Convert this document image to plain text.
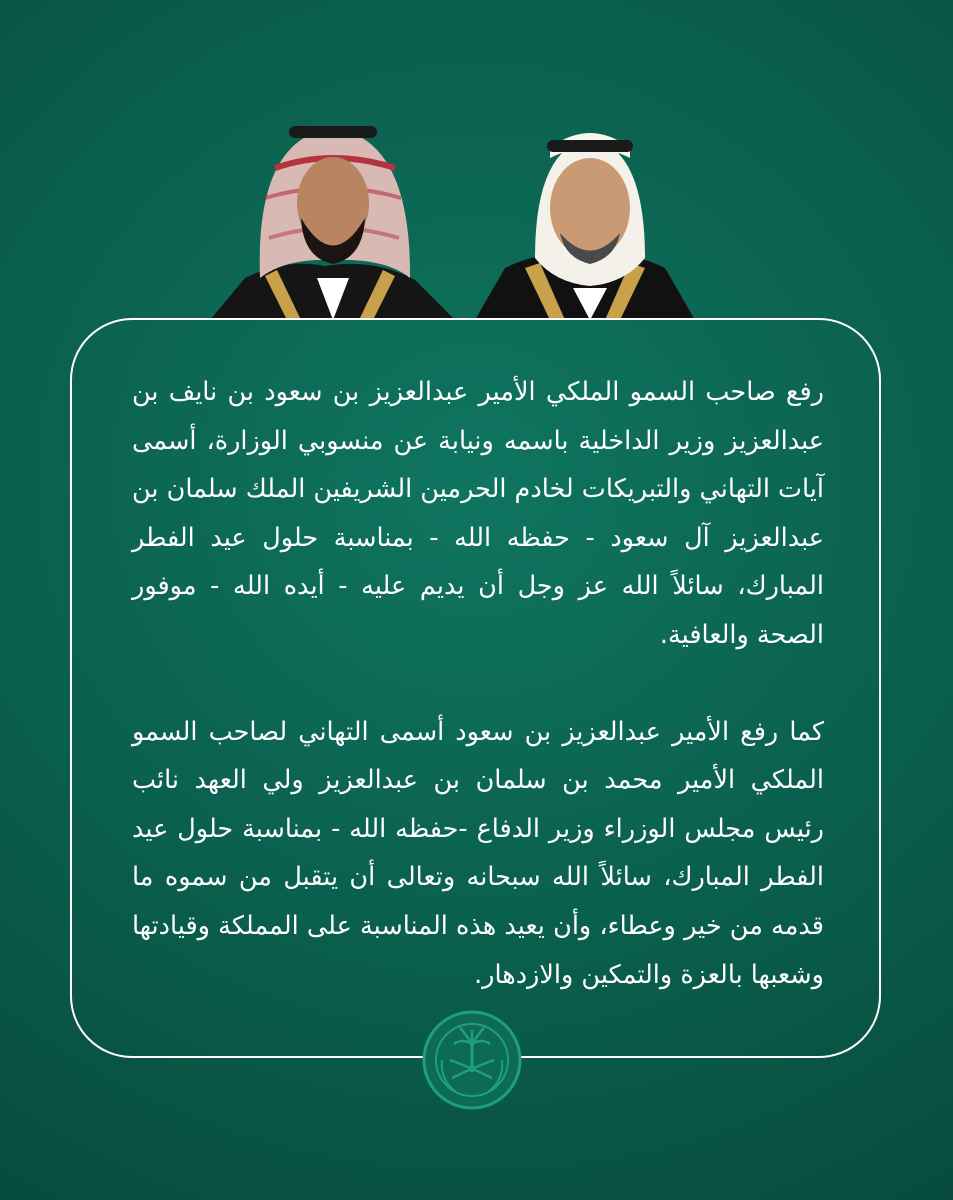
رفع صاحب السمو الملكي الأمير عبدالعزيز بن سعود بن نايف بن عبدالعزيز وزير الداخلية باسمه ونيابة عن منسوبي الوزارة، أسمى آيات التهاني والتبريكات لخادم الحرمين الشريفين الملك سلمان بن عبدالعزيز آل سعود - حفظه الله - بمناسبة حلول عيد الفطر المبارك، سائلاً الله عز وجل أن يديم عليه - أيده الله - موفور الصحة والعافية.

كما رفع الأمير عبدالعزيز بن سعود أسمى التهاني لصاحب السمو الملكي الأمير محمد بن سلمان بن عبدالعزيز ولي العهد نائب رئيس مجلس الوزراء وزير الدفاع -حفظه الله - بمناسبة حلول عيد الفطر المبارك، سائلاً الله سبحانه وتعالى أن يتقبل من سموه ما قدمه من خير وعطاء، وأن يعيد هذه المناسبة على المملكة وقيادتها وشعبها بالعزة والتمكين والازدهار.
